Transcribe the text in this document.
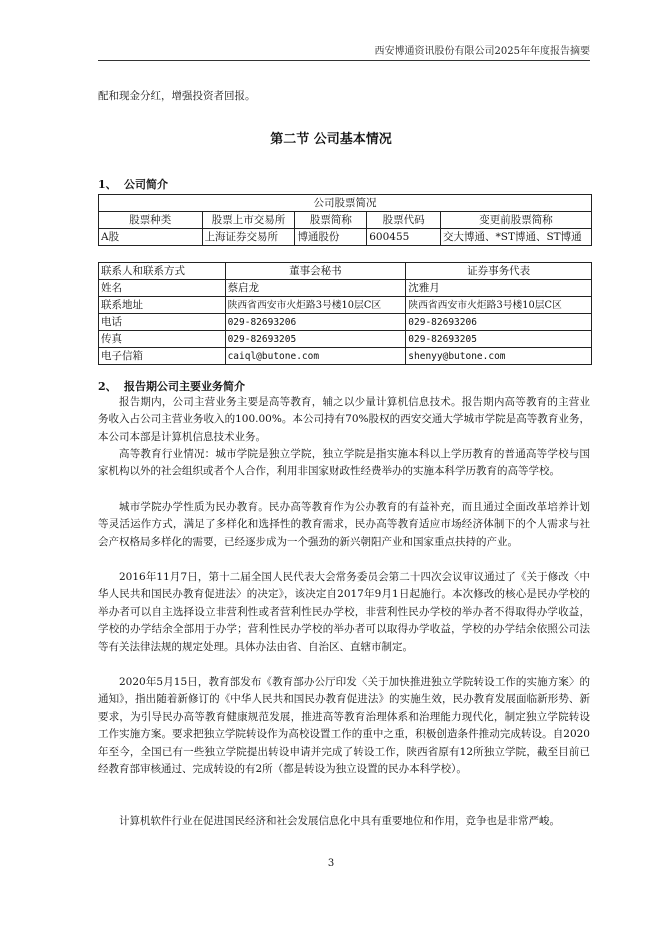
西安博通资讯股份有限公司2025年年度报告摘要
配和现金分红，增强投资者回报。
第二节 公司基本情况
1、 公司简介
公司股票简况				
股票种类	股票上市交易所	股票简称	股票代码	变更前股票简称
A股	上海证券交易所	博通股份	600455	交大博通、*ST博通、ST博通
联系人和联系方式	董事会秘书	证券事务代表
姓名	蔡启龙	沈雅月
联系地址	陕西省西安市火炬路3号楼10层C区	陕西省西安市火炬路3号楼10层C区
电话	029-82693206	029-82693206
传真	029-82693205	029-82693205
电子信箱	caiql@butone.com	shenyy@butone.com
2、 报告期公司主要业务简介
报告期内，公司主营业务主要是高等教育，辅之以少量计算机信息技术。报告期内高等教育的主营业务收入占公司主营业务收入的100.00%。本公司持有70%股权的西安交通大学城市学院是高等教育业务，本公司本部是计算机信息技术业务。
高等教育行业情况：城市学院是独立学院，独立学院是指实施本科以上学历教育的普通高等学校与国家机构以外的社会组织或者个人合作，利用非国家财政性经费举办的实施本科学历教育的高等学校。
城市学院办学性质为民办教育。民办高等教育作为公办教育的有益补充，而且通过全面改革培养计划等灵活运作方式，满足了多样化和选择性的教育需求，民办高等教育适应市场经济体制下的个人需求与社会产权格局多样化的需要，已经逐步成为一个强劲的新兴朝阳产业和国家重点扶持的产业。
2016年11月7日，第十二届全国人民代表大会常务委员会第二十四次会议审议通过了《关于修改〈中华人民共和国民办教育促进法〉的决定》，该决定自2017年9月1日起施行。本次修改的核心是民办学校的举办者可以自主选择设立非营利性或者营利性民办学校，非营利性民办学校的举办者不得取得办学收益，学校的办学结余全部用于办学；营利性民办学校的举办者可以取得办学收益，学校的办学结余依照公司法等有关法律法规的规定处理。具体办法由省、自治区、直辖市制定。
2020年5月15日，教育部发布《教育部办公厅印发〈关于加快推进独立学院转设工作的实施方案〉的通知》，指出随着新修订的《中华人民共和国民办教育促进法》的实施生效，民办教育发展面临新形势、新要求，为引导民办高等教育健康规范发展，推进高等教育治理体系和治理能力现代化，制定独立学院转设工作实施方案。要求把独立学院转设作为高校设置工作的重中之重，积极创造条件推动完成转设。自2020年至今，全国已有一些独立学院提出转设申请并完成了转设工作，陕西省原有12所独立学院，截至目前已经教育部审核通过、完成转设的有2所（都是转设为独立设置的民办本科学校）。
计算机软件行业在促进国民经济和社会发展信息化中具有重要地位和作用，竞争也是非常严峻。
3
